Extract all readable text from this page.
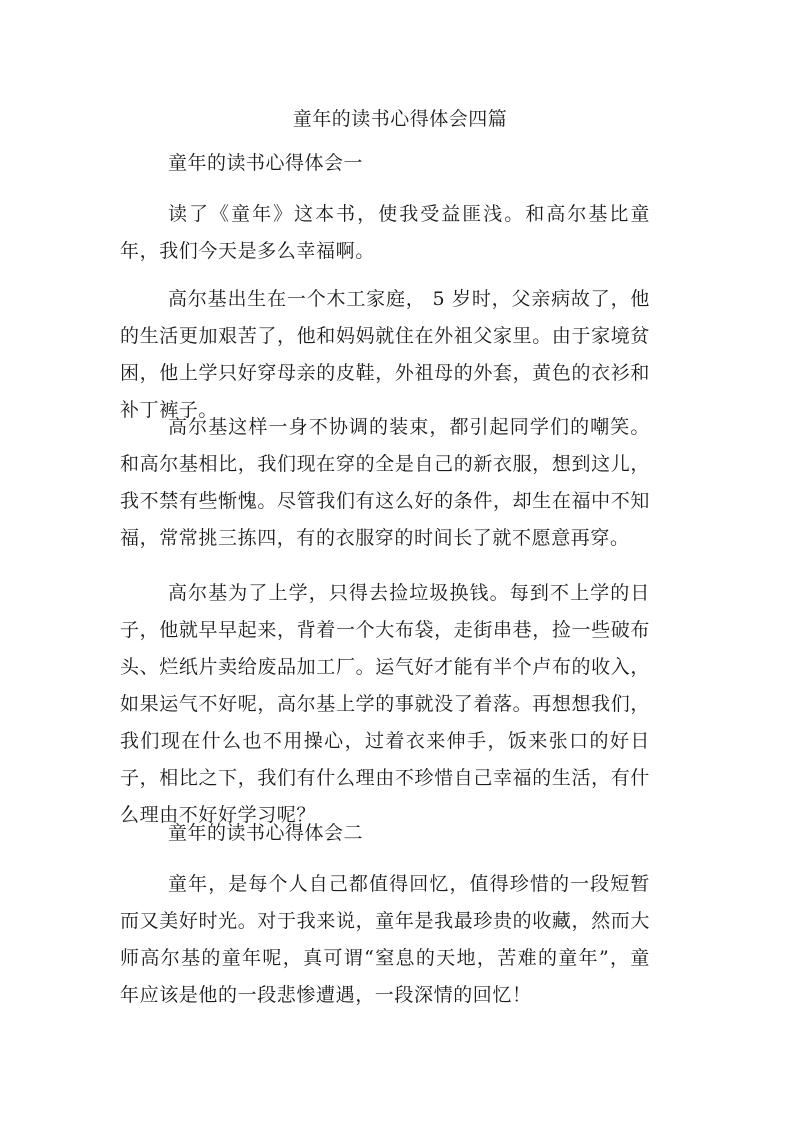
童年的读书心得体会四篇
童年的读书心得体会一

读了《童年》这本书，使我受益匪浅。和高尔基比童年，我们今天是多么幸福啊。

高尔基出生在一个木工家庭， 5 岁时，父亲病故了，他的生活更加艰苦了，他和妈妈就住在外祖父家里。由于家境贫困，他上学只好穿母亲的皮鞋，外祖母的外套，黄色的衣衫和补丁裤子。

高尔基这样一身不协调的装束，都引起同学们的嘲笑。和高尔基相比，我们现在穿的全是自己的新衣服，想到这儿，我不禁有些惭愧。尽管我们有这么好的条件，却生在福中不知福，常常挑三拣四，有的衣服穿的时间长了就不愿意再穿。

高尔基为了上学，只得去捡垃圾换钱。每到不上学的日子，他就早早起来，背着一个大布袋，走街串巷，捡一些破布头、烂纸片卖给废品加工厂。运气好才能有半个卢布的收入，如果运气不好呢，高尔基上学的事就没了着落。再想想我们，我们现在什么也不用操心，过着衣来伸手，饭来张口的好日子，相比之下，我们有什么理由不珍惜自己幸福的生活，有什么理由不好好学习呢？

童年的读书心得体会二

童年，是每个人自己都值得回忆，值得珍惜的一段短暂而又美好时光。对于我来说，童年是我最珍贵的收藏，然而大师高尔基的童年呢，真可谓“窒息的天地，苦难的童年”，童年应该是他的一段悲惨遭遇，一段深情的回忆！
